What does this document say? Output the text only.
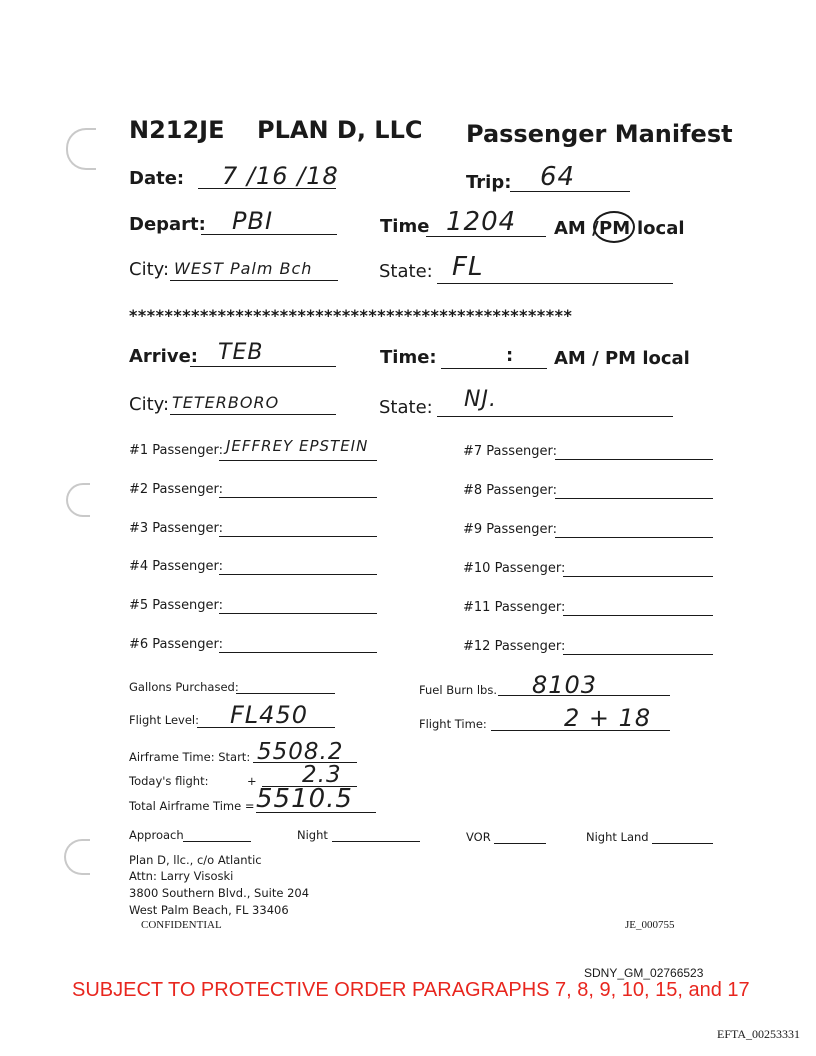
N212JE PLAN D, LLC Passenger Manifest
Date: 7 /16 /18	Trip: 64
Depart: PBI	Time 1204 AM / PM local
City: WEST Palm Bch	State: FL
**************************************************
Arrive: TEB	Time:	: AM / PM local
City: TETERBORO	State: NJ.
#1 Passenger: JEFFREY EPSTEIN
#2 Passenger:
#3 Passenger:
#4 Passenger:
#5 Passenger:
#6 Passenger:
#7 Passenger:
#8 Passenger:
#9 Passenger:
#10 Passenger:
#11 Passenger:
#12 Passenger:
Gallons Purchased:	Fuel Burn lbs. 8103
Flight Level: FL450	Flight Time:	2 + 18
Airframe Time: Start: 5508.2
Today's flight:	+ 2.3
Total Airframe Time = 5510.5
Approach	Night	VOR	Night Land
Plan D, llc., c/o Atlantic
Attn: Larry Visoski
3800 Southern Blvd., Suite 204
West Palm Beach, FL 33406
CONFIDENTIAL	JE_000755
SDNY_GM_02766523
SUBJECT TO PROTECTIVE ORDER PARAGRAPHS 7, 8, 9, 10, 15, and 17
EFTA_00253331
